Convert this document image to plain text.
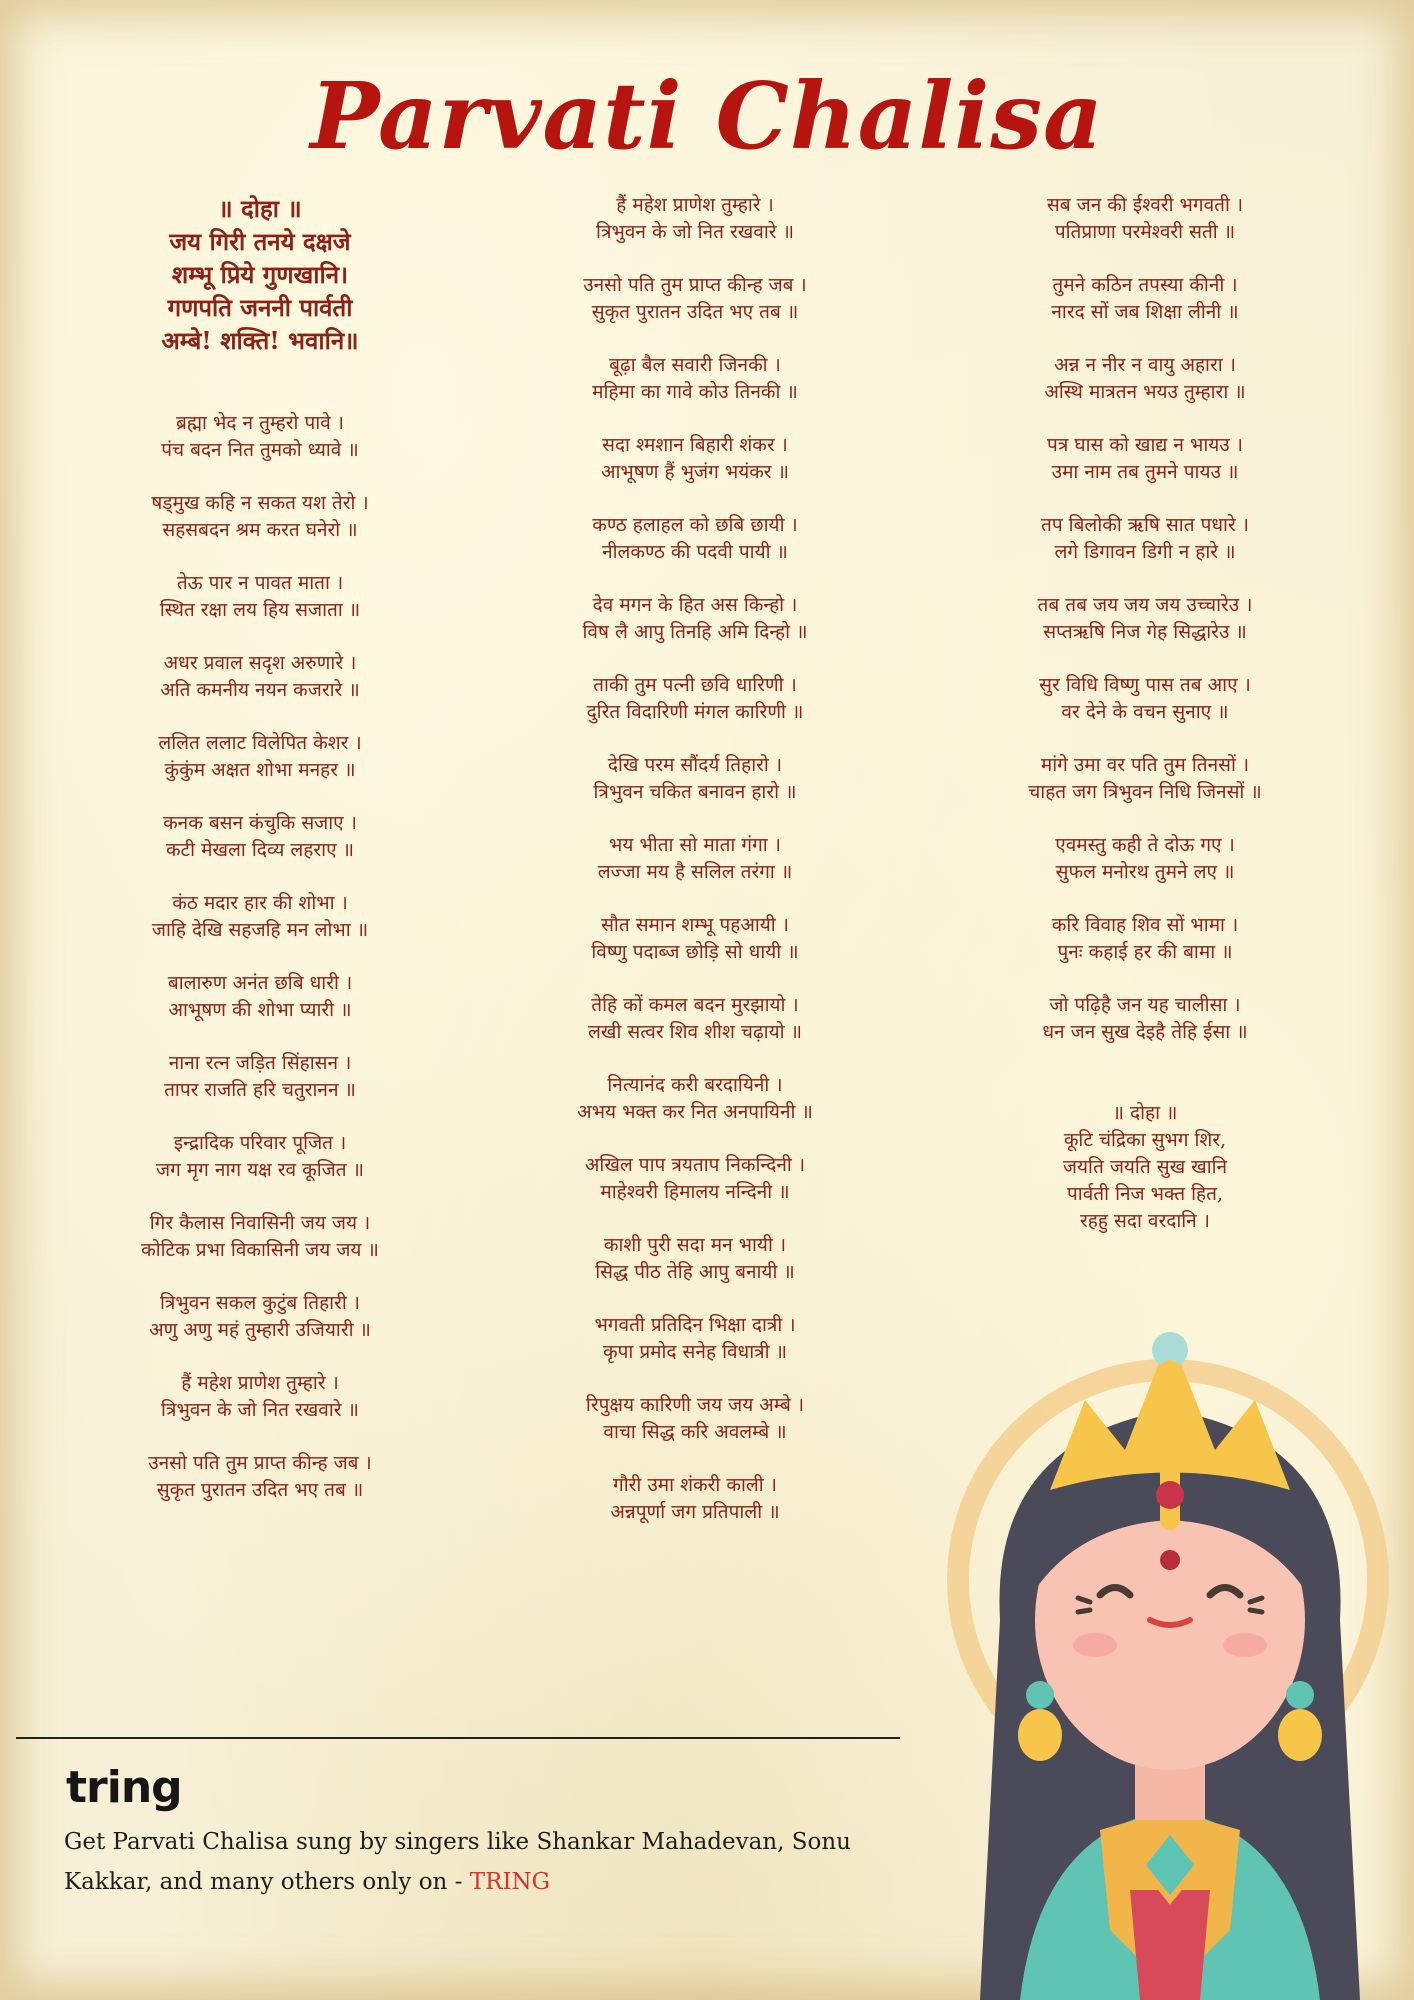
Parvati Chalisa
॥ दोहा ॥
जय गिरी तनये दक्षजे
शम्भू प्रिये गुणखानि।
गणपति जननी पार्वती
अम्बे! शक्ति! भवानि॥
ब्रह्मा भेद न तुम्हरो पावे ।
पंच बदन नित तुमको ध्यावे ॥
षड्मुख कहि न सकत यश तेरो ।
सहसबदन श्रम करत घनेरो ॥
तेऊ पार न पावत माता ।
स्थित रक्षा लय हिय सजाता ॥
अधर प्रवाल सदृश अरुणारे ।
अति कमनीय नयन कजरारे ॥
ललित ललाट विलेपित केशर ।
कुंकुंम अक्षत शोभा मनहर ॥
कनक बसन कंचुकि सजाए ।
कटी मेखला दिव्य लहराए ॥
कंठ मदार हार की शोभा ।
जाहि देखि सहजहि मन लोभा ॥
बालारुण अनंत छबि धारी ।
आभूषण की शोभा प्यारी ॥
नाना रत्न जड़ित सिंहासन ।
तापर राजति हरि चतुरानन ॥
इन्द्रादिक परिवार पूजित ।
जग मृग नाग यक्ष रव कूजित ॥
गिर कैलास निवासिनी जय जय ।
कोटिक प्रभा विकासिनी जय जय ॥
त्रिभुवन सकल कुटुंब तिहारी ।
अणु अणु महं तुम्हारी उजियारी ॥
हैं महेश प्राणेश तुम्हारे ।
त्रिभुवन के जो नित रखवारे ॥
उनसो पति तुम प्राप्त कीन्ह जब ।
सुकृत पुरातन उदित भए तब ॥
हैं महेश प्राणेश तुम्हारे ।
त्रिभुवन के जो नित रखवारे ॥
उनसो पति तुम प्राप्त कीन्ह जब ।
सुकृत पुरातन उदित भए तब ॥
बूढ़ा बैल सवारी जिनकी ।
महिमा का गावे कोउ तिनकी ॥
सदा श्मशान बिहारी शंकर ।
आभूषण हैं भुजंग भयंकर ॥
कण्ठ हलाहल को छबि छायी ।
नीलकण्ठ की पदवी पायी ॥
देव मगन के हित अस किन्हो ।
विष लै आपु तिनहि अमि दिन्हो ॥
ताकी तुम पत्नी छवि धारिणी ।
दुरित विदारिणी मंगल कारिणी ॥
देखि परम सौंदर्य तिहारो ।
त्रिभुवन चकित बनावन हारो ॥
भय भीता सो माता गंगा ।
लज्जा मय है सलिल तरंगा ॥
सौत समान शम्भू पहआयी ।
विष्णु पदाब्ज छोड़ि सो धायी ॥
तेहि कों कमल बदन मुरझायो ।
लखी सत्वर शिव शीश चढ़ायो ॥
नित्यानंद करी बरदायिनी ।
अभय भक्त कर नित अनपायिनी ॥
अखिल पाप त्रयताप निकन्दिनी ।
माहेश्वरी हिमालय नन्दिनी ॥
काशी पुरी सदा मन भायी ।
सिद्ध पीठ तेहि आपु बनायी ॥
भगवती प्रतिदिन भिक्षा दात्री ।
कृपा प्रमोद सनेह विधात्री ॥
रिपुक्षय कारिणी जय जय अम्बे ।
वाचा सिद्ध करि अवलम्बे ॥
गौरी उमा शंकरी काली ।
अन्नपूर्णा जग प्रतिपाली ॥
सब जन की ईश्वरी भगवती ।
पतिप्राणा परमेश्वरी सती ॥
तुमने कठिन तपस्या कीनी ।
नारद सों जब शिक्षा लीनी ॥
अन्न न नीर न वायु अहारा ।
अस्थि मात्रतन भयउ तुम्हारा ॥
पत्र घास को खाद्य न भायउ ।
उमा नाम तब तुमने पायउ ॥
तप बिलोकी ऋषि सात पधारे ।
लगे डिगावन डिगी न हारे ॥
तब तब जय जय जय उच्चारेउ ।
सप्तऋषि निज गेह सिद्धारेउ ॥
सुर विधि विष्णु पास तब आए ।
वर देने के वचन सुनाए ॥
मांगे उमा वर पति तुम तिनसों ।
चाहत जग त्रिभुवन निधि जिनसों ॥
एवमस्तु कही ते दोऊ गए ।
सुफल मनोरथ तुमने लए ॥
करि विवाह शिव सों भामा ।
पुनः कहाई हर की बामा ॥
जो पढ़िहै जन यह चालीसा ।
धन जन सुख देइहै तेहि ईसा ॥
॥ दोहा ॥
कूटि चंद्रिका सुभग शिर,
जयति जयति सुख खानि
पार्वती निज भक्त हित,
रहहु सदा वरदानि ।
tring
Get Parvati Chalisa sung by singers like Shankar Mahadevan, Sonu Kakkar, and many others only on - TRING
